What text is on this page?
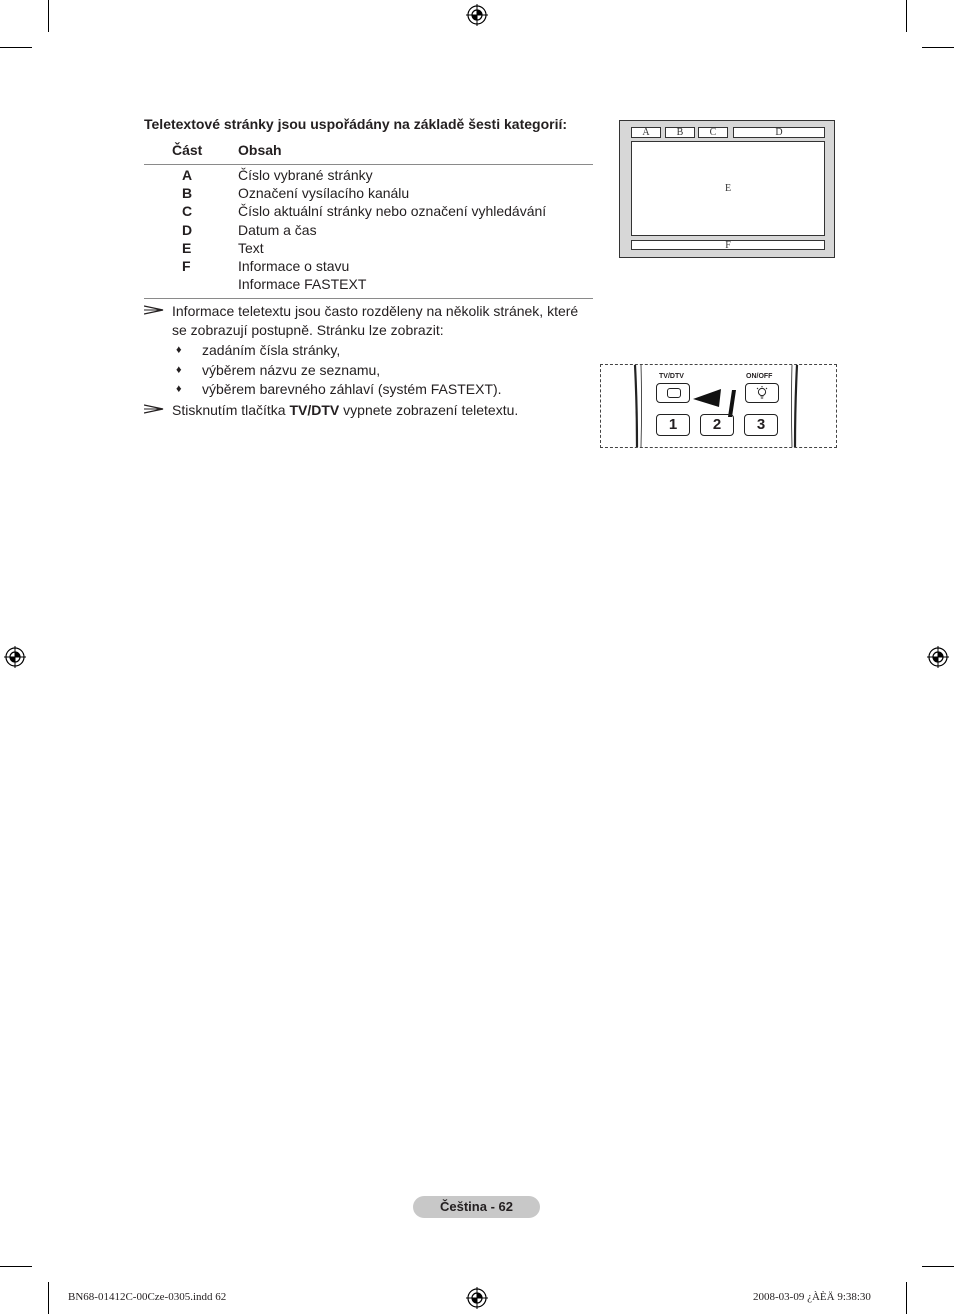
Teletextové stránky jsou uspořádány na základě šesti kategorií:
Část	Obsah
A	Číslo vybrané stránky
B	Označení vysílacího kanálu
C	Číslo aktuální stránky nebo označení vyhledávání
D	Datum a čas
E	Text
F	Informace o stavu
Informace FASTEXT
Informace teletextu jsou často rozděleny na několik stránek, které
se zobrazují postupně. Stránku lze zobrazit:
♦ zadáním čísla stránky,
♦ výběrem názvu ze seznamu,
♦ výběrem barevného záhlaví (systém FASTEXT).
Stisknutím tlačítka TV/DTV vypnete zobrazení teletextu.
A	B	C	D
E
F
TV/DTV	ON/OFF
1	2	3
Čeština - 62
BN68-01412C-00Cze-0305.indd 62	2008-03-09 ¿ÀÈÄ 9:38:30
